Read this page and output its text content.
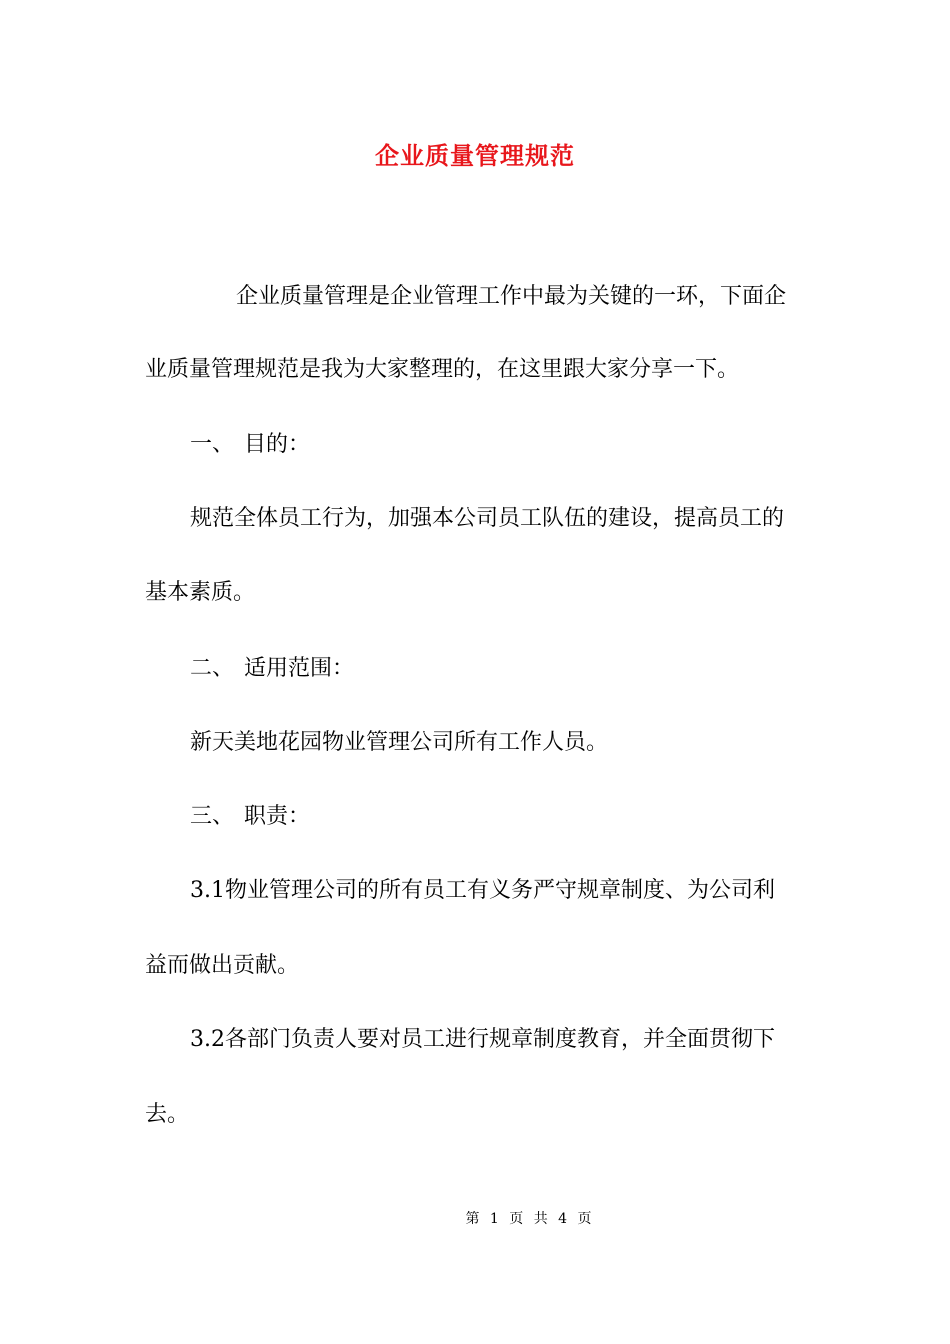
企业质量管理规范
企业质量管理是企业管理工作中最为关键的一环，下面企
业质量管理规范是我为大家整理的，在这里跟大家分享一下。
一、 目的：
规范全体员工行为，加强本公司员工队伍的建设，提高员工的
基本素质。
二、 适用范围：
新天美地花园物业管理公司所有工作人员。
三、 职责：
3.1物业管理公司的所有员工有义务严守规章制度、为公司利
益而做出贡献。
3.2各部门负责人要对员工进行规章制度教育，并全面贯彻下
去。
第 1 页 共 4 页
